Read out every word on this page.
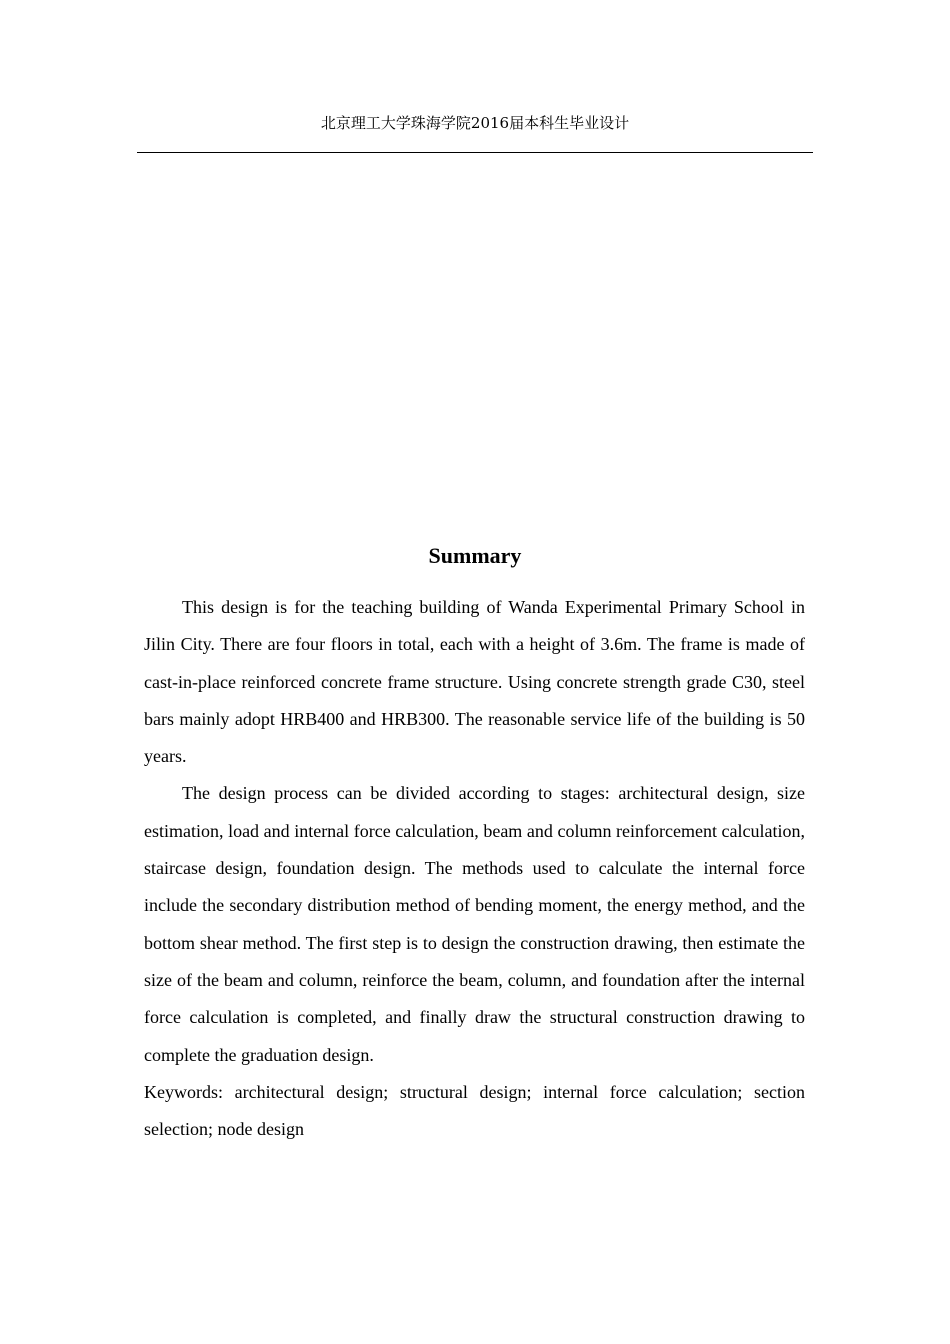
北京理工大学珠海学院2016届本科生毕业设计
Summary

This design is for the teaching building of Wanda Experimental Primary School in Jilin City. There are four floors in total, each with a height of 3.6m. The frame is made of cast-in-place reinforced concrete frame structure. Using concrete strength grade C30, steel bars mainly adopt HRB400 and HRB300. The reasonable service life of the building is 50 years.

The design process can be divided according to stages: architectural design, size estimation, load and internal force calculation, beam and column reinforcement calculation, staircase design, foundation design. The methods used to calculate the internal force include the secondary distribution method of bending moment, the energy method, and the bottom shear method. The first step is to design the construction drawing, then estimate the size of the beam and column, reinforce the beam, column, and foundation after the internal force calculation is completed, and finally draw the structural construction drawing to complete the graduation design.

Keywords: architectural design; structural design; internal force calculation; section selection; node design
